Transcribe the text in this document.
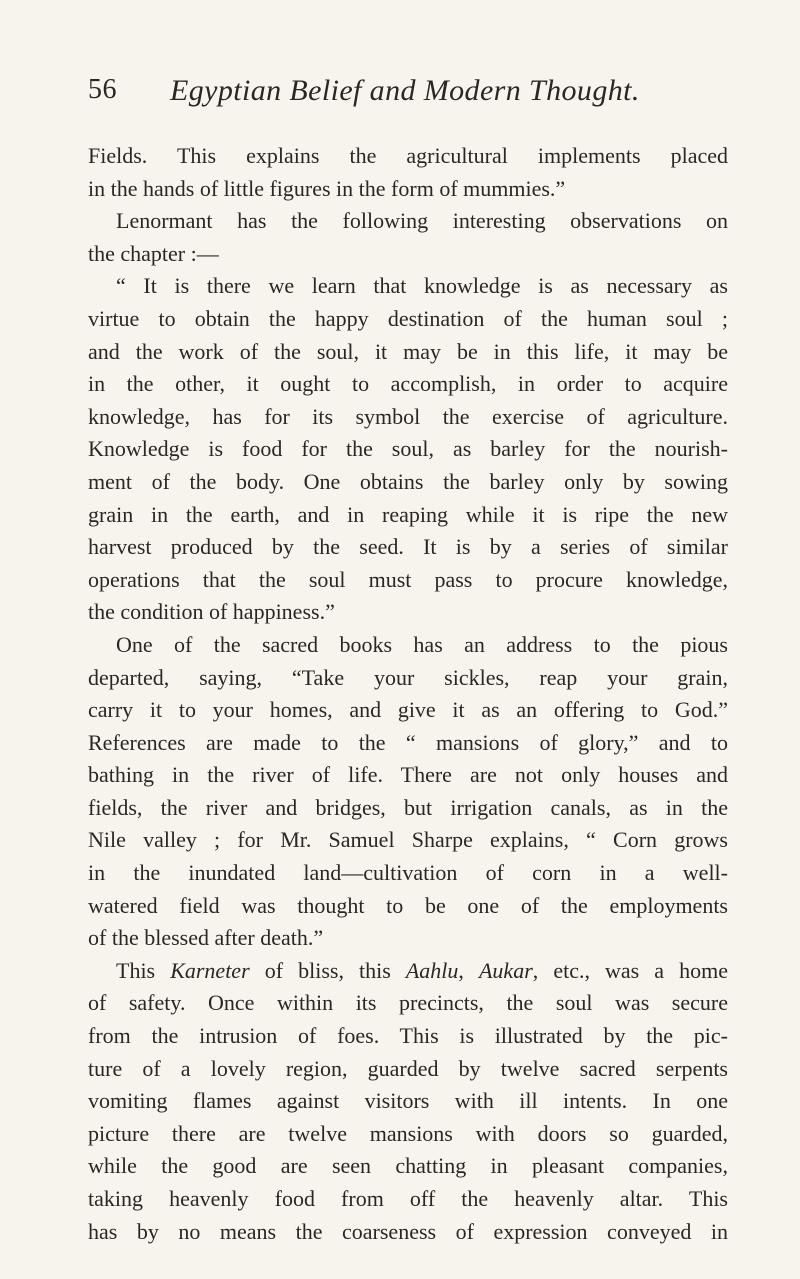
56 Egyptian Belief and Modern Thought.
Fields. This explains the agricultural implements placed
in the hands of little figures in the form of mummies.”
Lenormant has the following interesting observations on
the chapter :—
“ It is there we learn that knowledge is as necessary as
virtue to obtain the happy destination of the human soul ;
and the work of the soul, it may be in this life, it may be
in the other, it ought to accomplish, in order to acquire
knowledge, has for its symbol the exercise of agriculture.
Knowledge is food for the soul, as barley for the nourish-
ment of the body. One obtains the barley only by sowing
grain in the earth, and in reaping while it is ripe the new
harvest produced by the seed. It is by a series of similar
operations that the soul must pass to procure knowledge,
the condition of happiness.”
One of the sacred books has an address to the pious
departed, saying, “Take your sickles, reap your grain,
carry it to your homes, and give it as an offering to God.”
References are made to the “ mansions of glory,” and to
bathing in the river of life. There are not only houses and
fields, the river and bridges, but irrigation canals, as in the
Nile valley ; for Mr. Samuel Sharpe explains, “ Corn grows
in the inundated land—cultivation of corn in a well-
watered field was thought to be one of the employments
of the blessed after death.”
This Karneter of bliss, this Aahlu, Aukar, etc., was a home
of safety. Once within its precincts, the soul was secure
from the intrusion of foes. This is illustrated by the pic-
ture of a lovely region, guarded by twelve sacred serpents
vomiting flames against visitors with ill intents. In one
picture there are twelve mansions with doors so guarded,
while the good are seen chatting in pleasant companies,
taking heavenly food from off the heavenly altar. This
has by no means the coarseness of expression conveyed in
